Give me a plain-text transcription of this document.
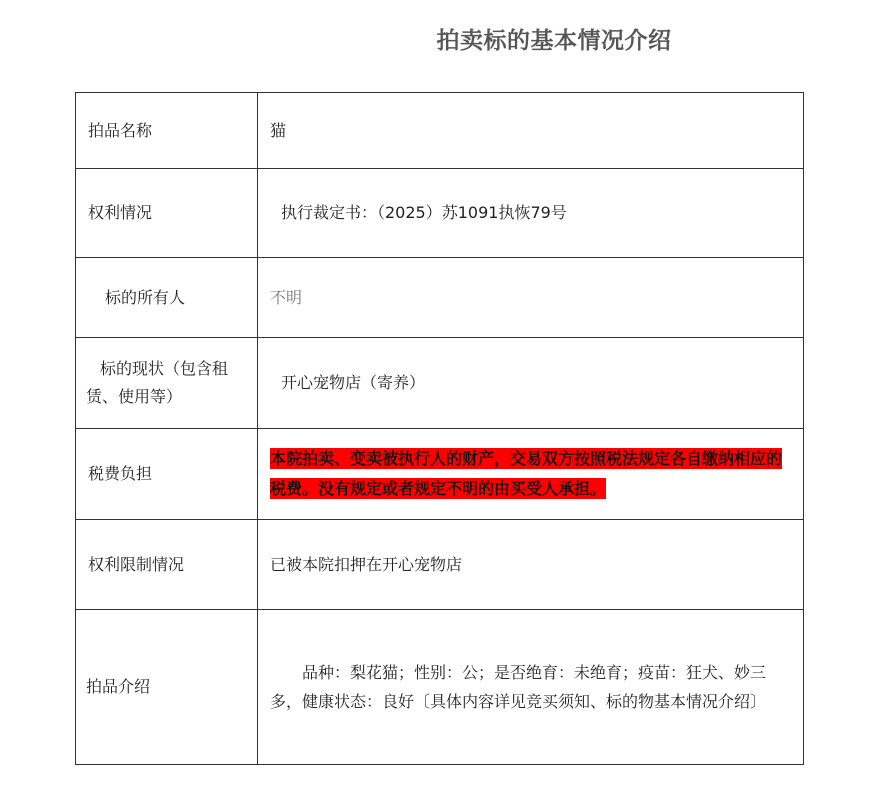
拍卖标的基本情况介绍
拍品名称	猫
权利情况	执行裁定书：（2025）苏1091执恢79号
标的所有人	不明

标的现状（包含租赁、使用等）	开心宠物店（寄养）
税费负担	本院拍卖、变卖被执行人的财产，交易双方按照税法规定各自缴纳相应的税费。没有规定或者规定不明的由买受人承担。
权利限制情况	已被本院扣押在开心宠物店
拍品介绍	品种：梨花猫；性别：公；是否绝育：未绝育；疫苗：狂犬、妙三多，健康状态：良好〔具体内容详见竞买须知、标的物基本情况介绍〕
